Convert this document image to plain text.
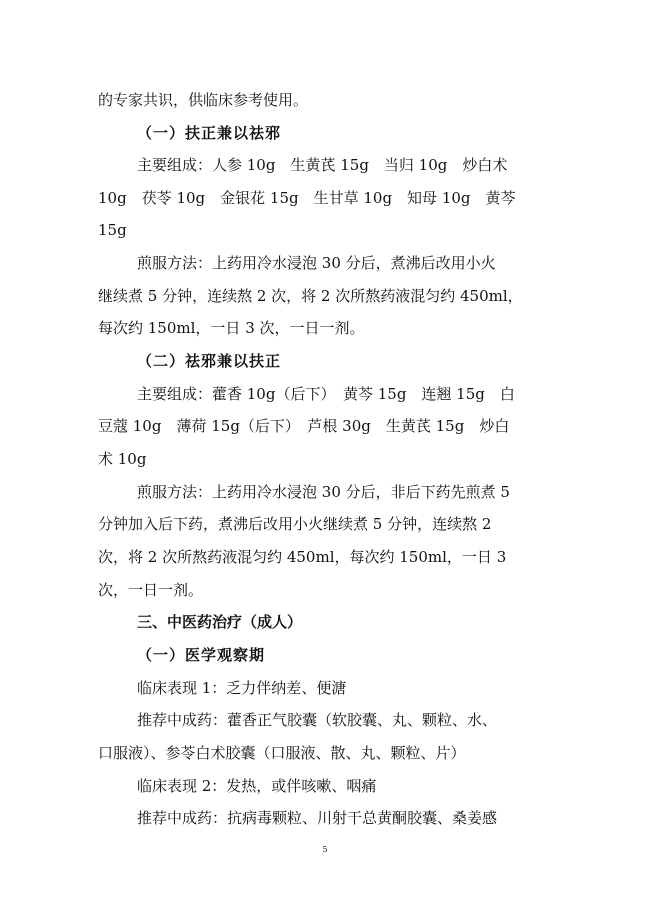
的专家共识，供临床参考使用。
（一）扶正兼以祛邪
主要组成：人参 10g　生黄芪 15g　当归 10g　炒白术
10g　茯苓 10g　金银花 15g　生甘草 10g　知母 10g　黄芩
15g
煎服方法：上药用冷水浸泡 30 分后，煮沸后改用小火
继续煮 5 分钟，连续熬 2 次，将 2 次所熬药液混匀约 450ml，
每次约 150ml，一日 3 次，一日一剂。
（二）祛邪兼以扶正
主要组成：藿香 10g（后下）　黄芩 15g　连翘 15g　白
豆蔻 10g　薄荷 15g（后下）　芦根 30g　生黄芪 15g　炒白
术 10g
煎服方法：上药用冷水浸泡 30 分后，非后下药先煎煮 5
分钟加入后下药，煮沸后改用小火继续煮 5 分钟，连续熬 2
次，将 2 次所熬药液混匀约 450ml，每次约 150ml，一日 3
次，一日一剂。
三、中医药治疗（成人）
（一）医学观察期
临床表现 1：乏力伴纳差、便溏
推荐中成药：藿香正气胶囊（软胶囊、丸、颗粒、水、
口服液）、参苓白术胶囊（口服液、散、丸、颗粒、片）
临床表现 2：发热，或伴咳嗽、咽痛
推荐中成药：抗病毒颗粒、川射干总黄酮胶囊、桑姜感
5
